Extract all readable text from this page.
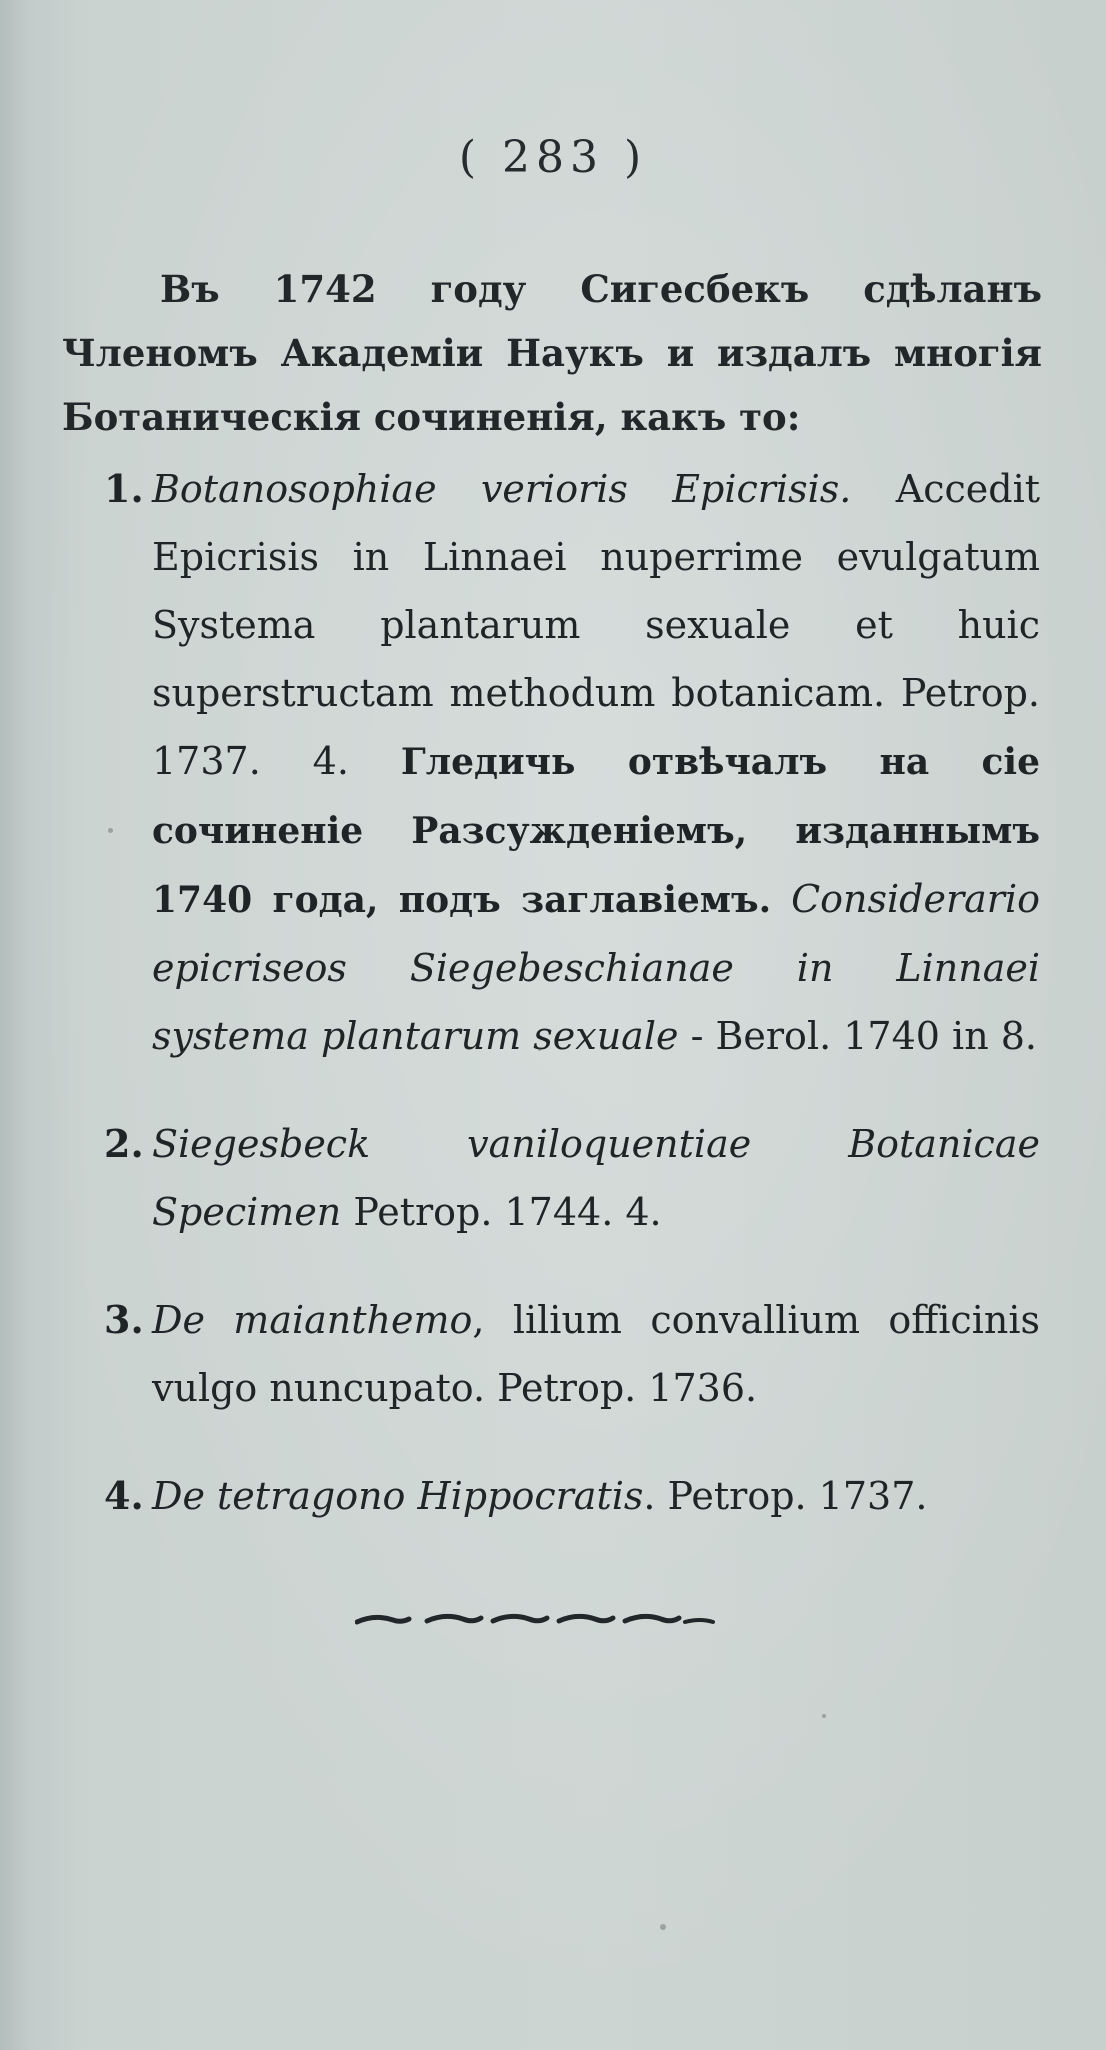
( 283 )

Въ 1742 году Сигесбекъ сдѣланъ Членомъ Академіи Наукъ и издалъ многія Ботаническія сочиненія, какъ то:

1. Botanosophiae verioris Epicrisis. Accedit Epicrisis in Linnaei nuperrime evulgatum Systema plantarum sexuale et huic superstructam methodum botanicam. Petrop. 1737. 4. Гледичь отвѣчалъ на сіе сочиненіе Разсужденіемъ, изданнымъ 1740 года, подъ заглавіемъ. Considerario epicriseos Siegebeschianae in Linnaei systema plantarum sexuale - Berol. 1740 in 8.
2. Siegesbeck vaniloquentiae Botanicae Specimen Petrop. 1744. 4.
3. De maianthemo, lilium convallium officinis vulgo nuncupato. Petrop. 1736.
4. De tetragono Hippocratis. Petrop. 1737.
